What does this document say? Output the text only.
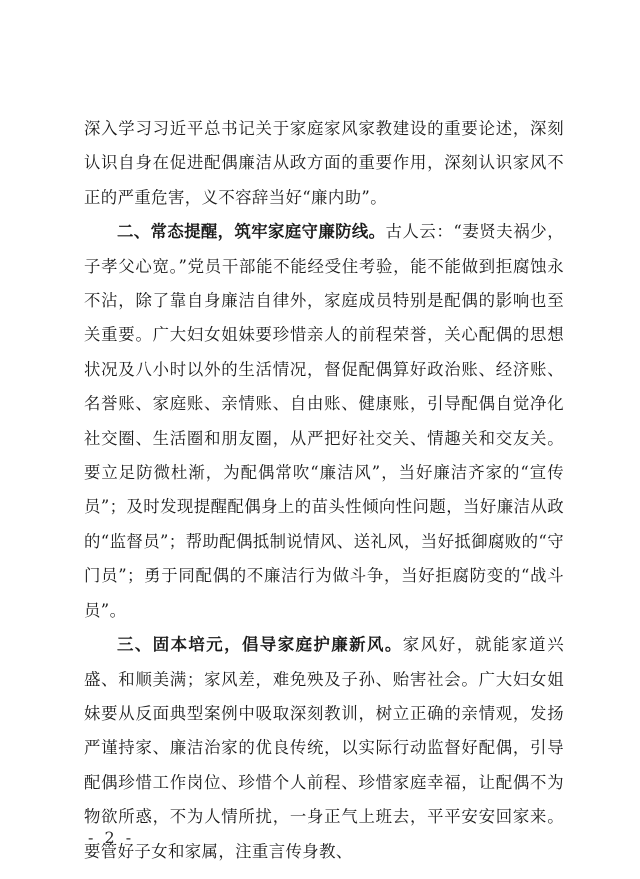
深入学习习近平总书记关于家庭家风家教建设的重要论述，深刻认识自身在促进配偶廉洁从政方面的重要作用，深刻认识家风不正的严重危害，义不容辞当好“廉内助”。

二、常态提醒，筑牢家庭守廉防线。古人云：“妻贤夫祸少，子孝父心宽。”党员干部能不能经受住考验，能不能做到拒腐蚀永不沾，除了靠自身廉洁自律外，家庭成员特别是配偶的影响也至关重要。广大妇女姐妹要珍惜亲人的前程荣誉，关心配偶的思想状况及八小时以外的生活情况，督促配偶算好政治账、经济账、名誉账、家庭账、亲情账、自由账、健康账，引导配偶自觉净化社交圈、生活圈和朋友圈，从严把好社交关、情趣关和交友关。要立足防微杜渐，为配偶常吹“廉洁风”，当好廉洁齐家的“宣传员”；及时发现提醒配偶身上的苗头性倾向性问题，当好廉洁从政的“监督员”；帮助配偶抵制说情风、送礼风，当好抵御腐败的“守门员”；勇于同配偶的不廉洁行为做斗争，当好拒腐防变的“战斗员”。

三、固本培元，倡导家庭护廉新风。家风好，就能家道兴盛、和顺美满；家风差，难免殃及子孙、贻害社会。广大妇女姐妹要从反面典型案例中吸取深刻教训，树立正确的亲情观，发扬严谨持家、廉洁治家的优良传统，以实际行动监督好配偶，引导配偶珍惜工作岗位、珍惜个人前程、珍惜家庭幸福，让配偶不为物欲所惑，不为人情所扰，一身正气上班去，平平安安回家来。要管好子女和家属，注重言传身教、

- 2 -
